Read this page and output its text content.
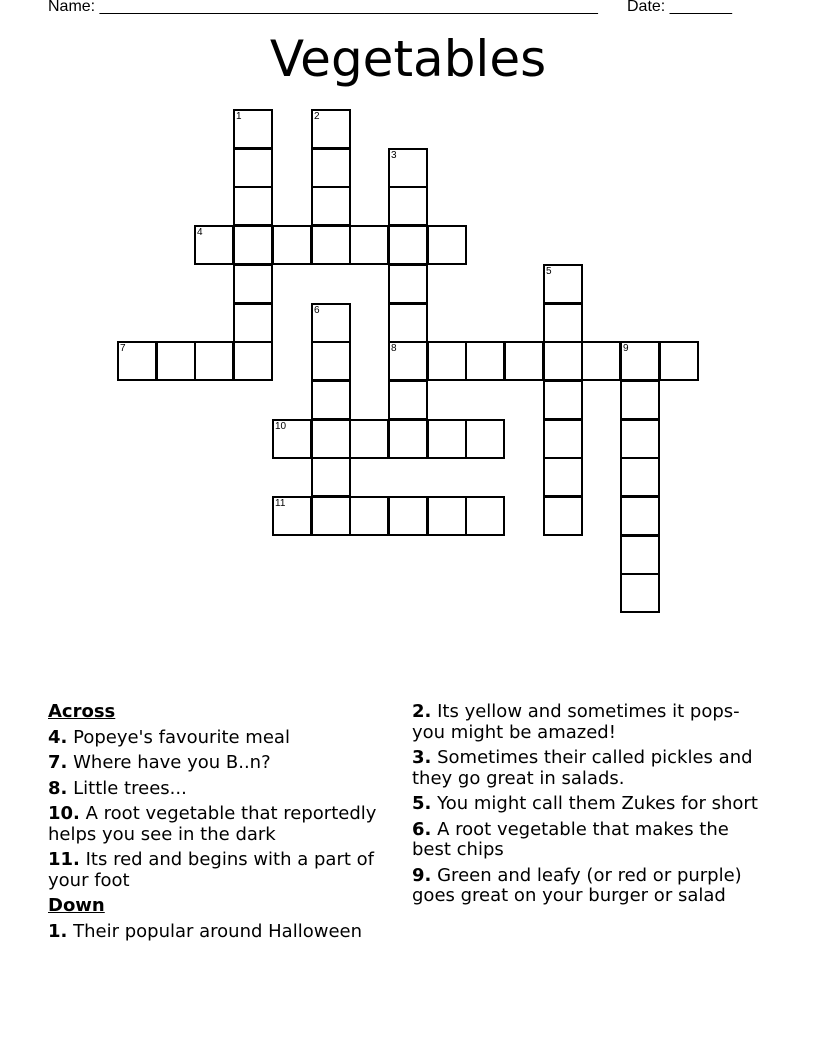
Name: ________________________________________________________ Date: _______
Vegetables
1	2
3
4
5
6
7	8	9
10
11
Across
4. Popeye's favourite meal
7. Where have you B..n?
8. Little trees...
10. A root vegetable that reportedly helps you see in the dark
11. Its red and begins with a part of your foot
Down
1. Their popular around Halloween
2. Its yellow and sometimes it pops-you might be amazed!
3. Sometimes their called pickles and they go great in salads.
5. You might call them Zukes for short
6. A root vegetable that makes the best chips
9. Green and leafy (or red or purple) goes great on your burger or salad
